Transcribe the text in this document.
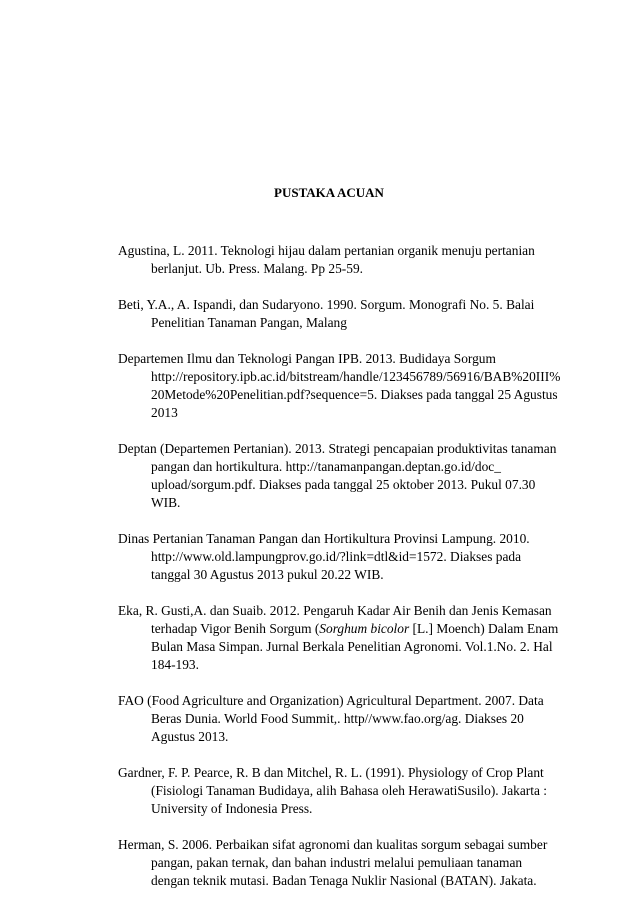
PUSTAKA ACUAN
Agustina, L. 2011. Teknologi hijau dalam pertanian organik menuju pertanian
berlanjut. Ub. Press. Malang. Pp 25-59.
Beti, Y.A., A. Ispandi, dan Sudaryono. 1990. Sorgum. Monografi No. 5. Balai
Penelitian Tanaman Pangan, Malang
Departemen Ilmu dan Teknologi Pangan IPB. 2013. Budidaya Sorgum
http://repository.ipb.ac.id/bitstream/handle/123456789/56916/BAB%20III%
20Metode%20Penelitian.pdf?sequence=5. Diakses pada tanggal 25 Agustus
2013
Deptan (Departemen Pertanian). 2013. Strategi pencapaian produktivitas tanaman
pangan dan hortikultura. http://tanamanpangan.deptan.go.id/doc_
upload/sorgum.pdf. Diakses pada tanggal 25 oktober 2013. Pukul 07.30
WIB.
Dinas Pertanian Tanaman Pangan dan Hortikultura Provinsi Lampung. 2010.
http://www.old.lampungprov.go.id/?link=dtl&id=1572. Diakses pada
tanggal 30 Agustus 2013 pukul 20.22 WIB.
Eka, R. Gusti,A. dan Suaib. 2012. Pengaruh Kadar Air Benih dan Jenis Kemasan
terhadap Vigor Benih Sorgum (Sorghum bicolor [L.] Moench) Dalam Enam
Bulan Masa Simpan. Jurnal Berkala Penelitian Agronomi. Vol.1.No. 2. Hal
184-193.
FAO (Food Agriculture and Organization) Agricultural Department. 2007. Data
Beras Dunia. World Food Summit,. http//www.fao.org/ag. Diakses 20
Agustus 2013.
Gardner, F. P. Pearce, R. B dan Mitchel, R. L. (1991). Physiology of Crop Plant
(Fisiologi Tanaman Budidaya, alih Bahasa oleh HerawatiSusilo). Jakarta :
University of Indonesia Press.
Herman, S. 2006. Perbaikan sifat agronomi dan kualitas sorgum sebagai sumber
pangan, pakan ternak, dan bahan industri melalui pemuliaan tanaman
dengan teknik mutasi. Badan Tenaga Nuklir Nasional (BATAN). Jakata.
